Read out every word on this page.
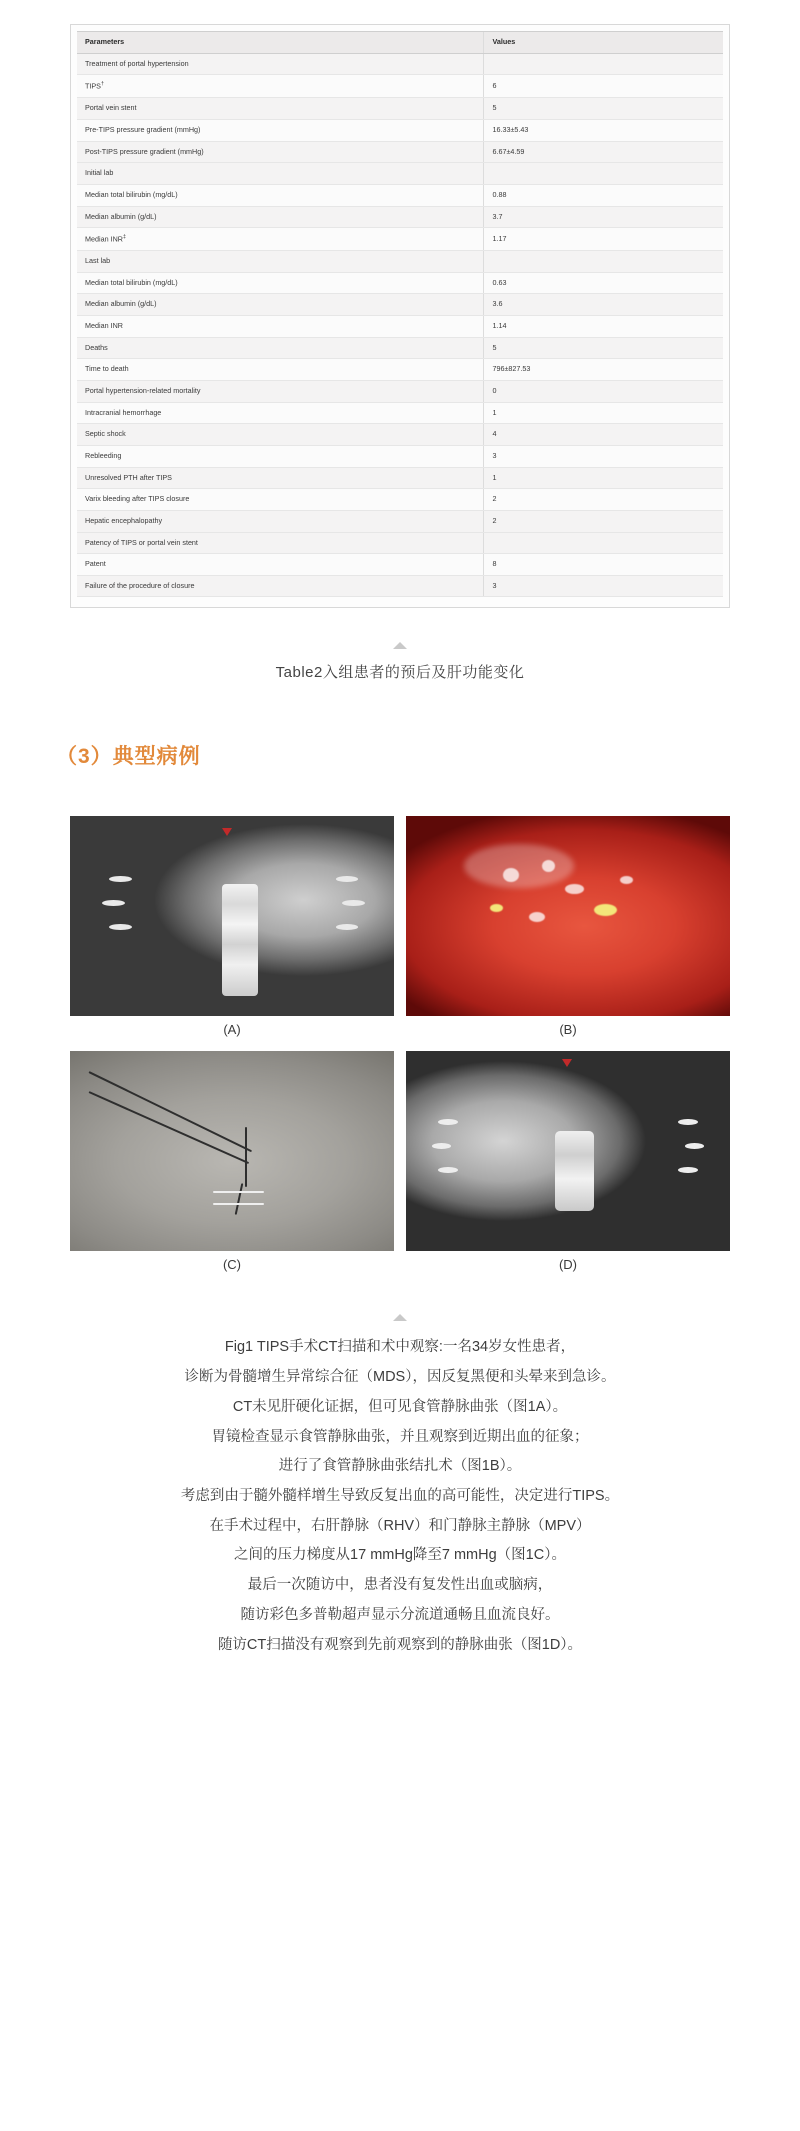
Parameters	Values
Treatment of portal hypertension	
TIPS†	6
Portal vein stent	5
Pre-TIPS pressure gradient (mmHg)	16.33±5.43
Post-TIPS pressure gradient (mmHg)	6.67±4.59
Initial lab	
Median total bilirubin (mg/dL)	0.88
Median albumin (g/dL)	3.7
Median INR‡	1.17
Last lab	
Median total bilirubin (mg/dL)	0.63
Median albumin (g/dL)	3.6
Median INR	1.14
Deaths	5
Time to death	796±827.53
Portal hypertension-related mortality	0
Intracranial hemorrhage	1
Septic shock	4
Rebleeding	3
Unresolved PTH after TIPS	1
Varix bleeding after TIPS closure	2
Hepatic encephalopathy	2
Patency of TIPS or portal vein stent	
Patent	8
Failure of the procedure of closure	3
Table2入组患者的预后及肝功能变化
（3）典型病例
(A)	(B)
(C)	(D)
Fig1 TIPS手术CT扫描和术中观察:一名34岁女性患者，
诊断为骨髓增生异常综合征（MDS），因反复黑便和头晕来到急诊。
CT未见肝硬化证据，但可见食管静脉曲张（图1A）。
胃镜检查显示食管静脉曲张，并且观察到近期出血的征象；
进行了食管静脉曲张结扎术（图1B）。
考虑到由于髓外髓样增生导致反复出血的高可能性，决定进行TIPS。
在手术过程中，右肝静脉（RHV）和门静脉主静脉（MPV）
之间的压力梯度从17 mmHg降至7 mmHg（图1C）。
最后一次随访中，患者没有复发性出血或脑病，
随访彩色多普勒超声显示分流道通畅且血流良好。
随访CT扫描没有观察到先前观察到的静脉曲张（图1D）。
